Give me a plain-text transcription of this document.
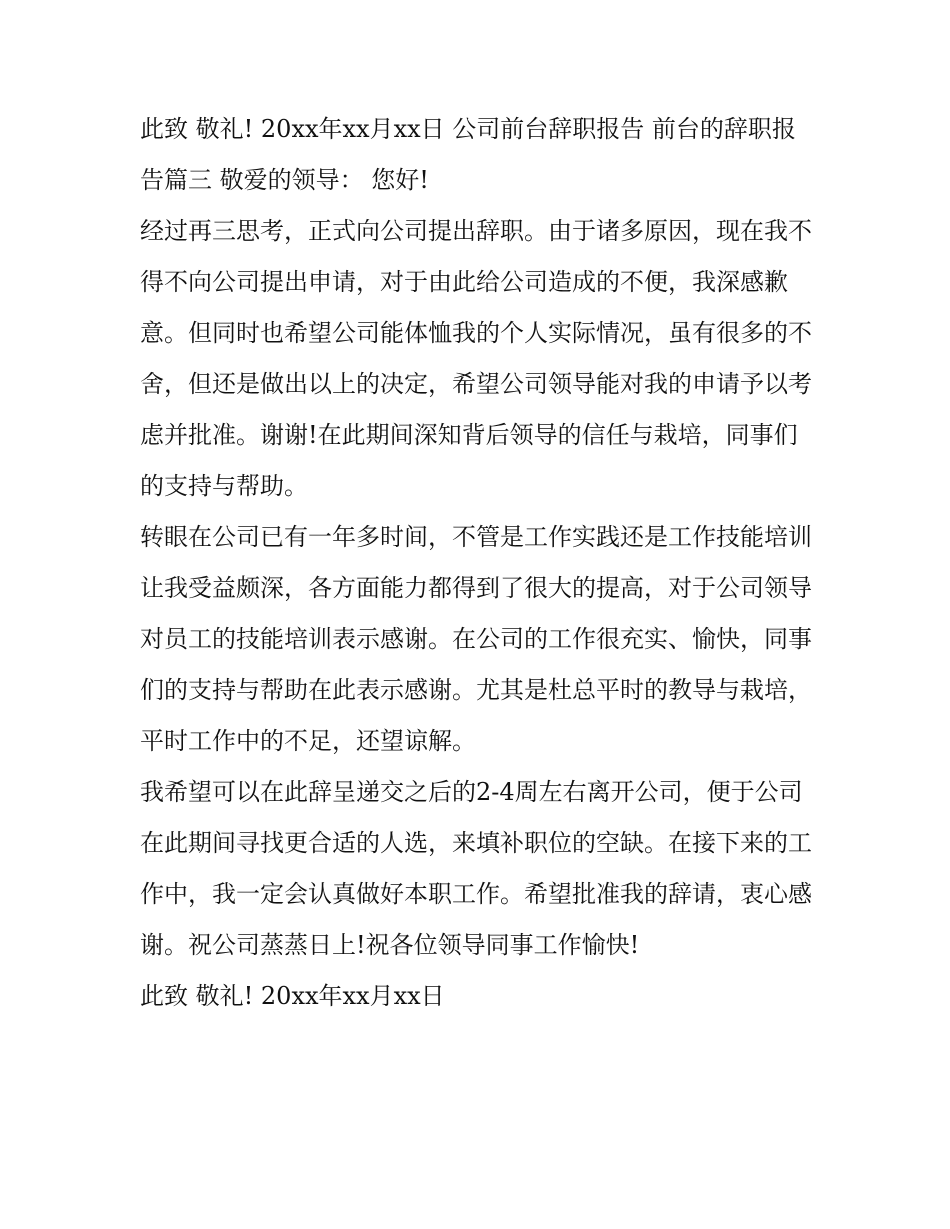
此致 敬礼! 20xx年xx月xx日 公司前台辞职报告 前台的辞职报告篇三 敬爱的领导： 您好!

经过再三思考，正式向公司提出辞职。由于诸多原因，现在我不得不向公司提出申请，对于由此给公司造成的不便，我深感歉意。但同时也希望公司能体恤我的个人实际情况，虽有很多的不舍，但还是做出以上的决定，希望公司领导能对我的申请予以考虑并批准。谢谢!在此期间深知背后领导的信任与栽培，同事们的支持与帮助。

转眼在公司已有一年多时间，不管是工作实践还是工作技能培训让我受益颇深，各方面能力都得到了很大的提高，对于公司领导对员工的技能培训表示感谢。在公司的工作很充实、愉快，同事们的支持与帮助在此表示感谢。尤其是杜总平时的教导与栽培，平时工作中的不足，还望谅解。

我希望可以在此辞呈递交之后的2-4周左右离开公司，便于公司在此期间寻找更合适的人选，来填补职位的空缺。在接下来的工作中，我一定会认真做好本职工作。希望批准我的辞请，衷心感谢。祝公司蒸蒸日上!祝各位领导同事工作愉快!

此致 敬礼! 20xx年xx月xx日
